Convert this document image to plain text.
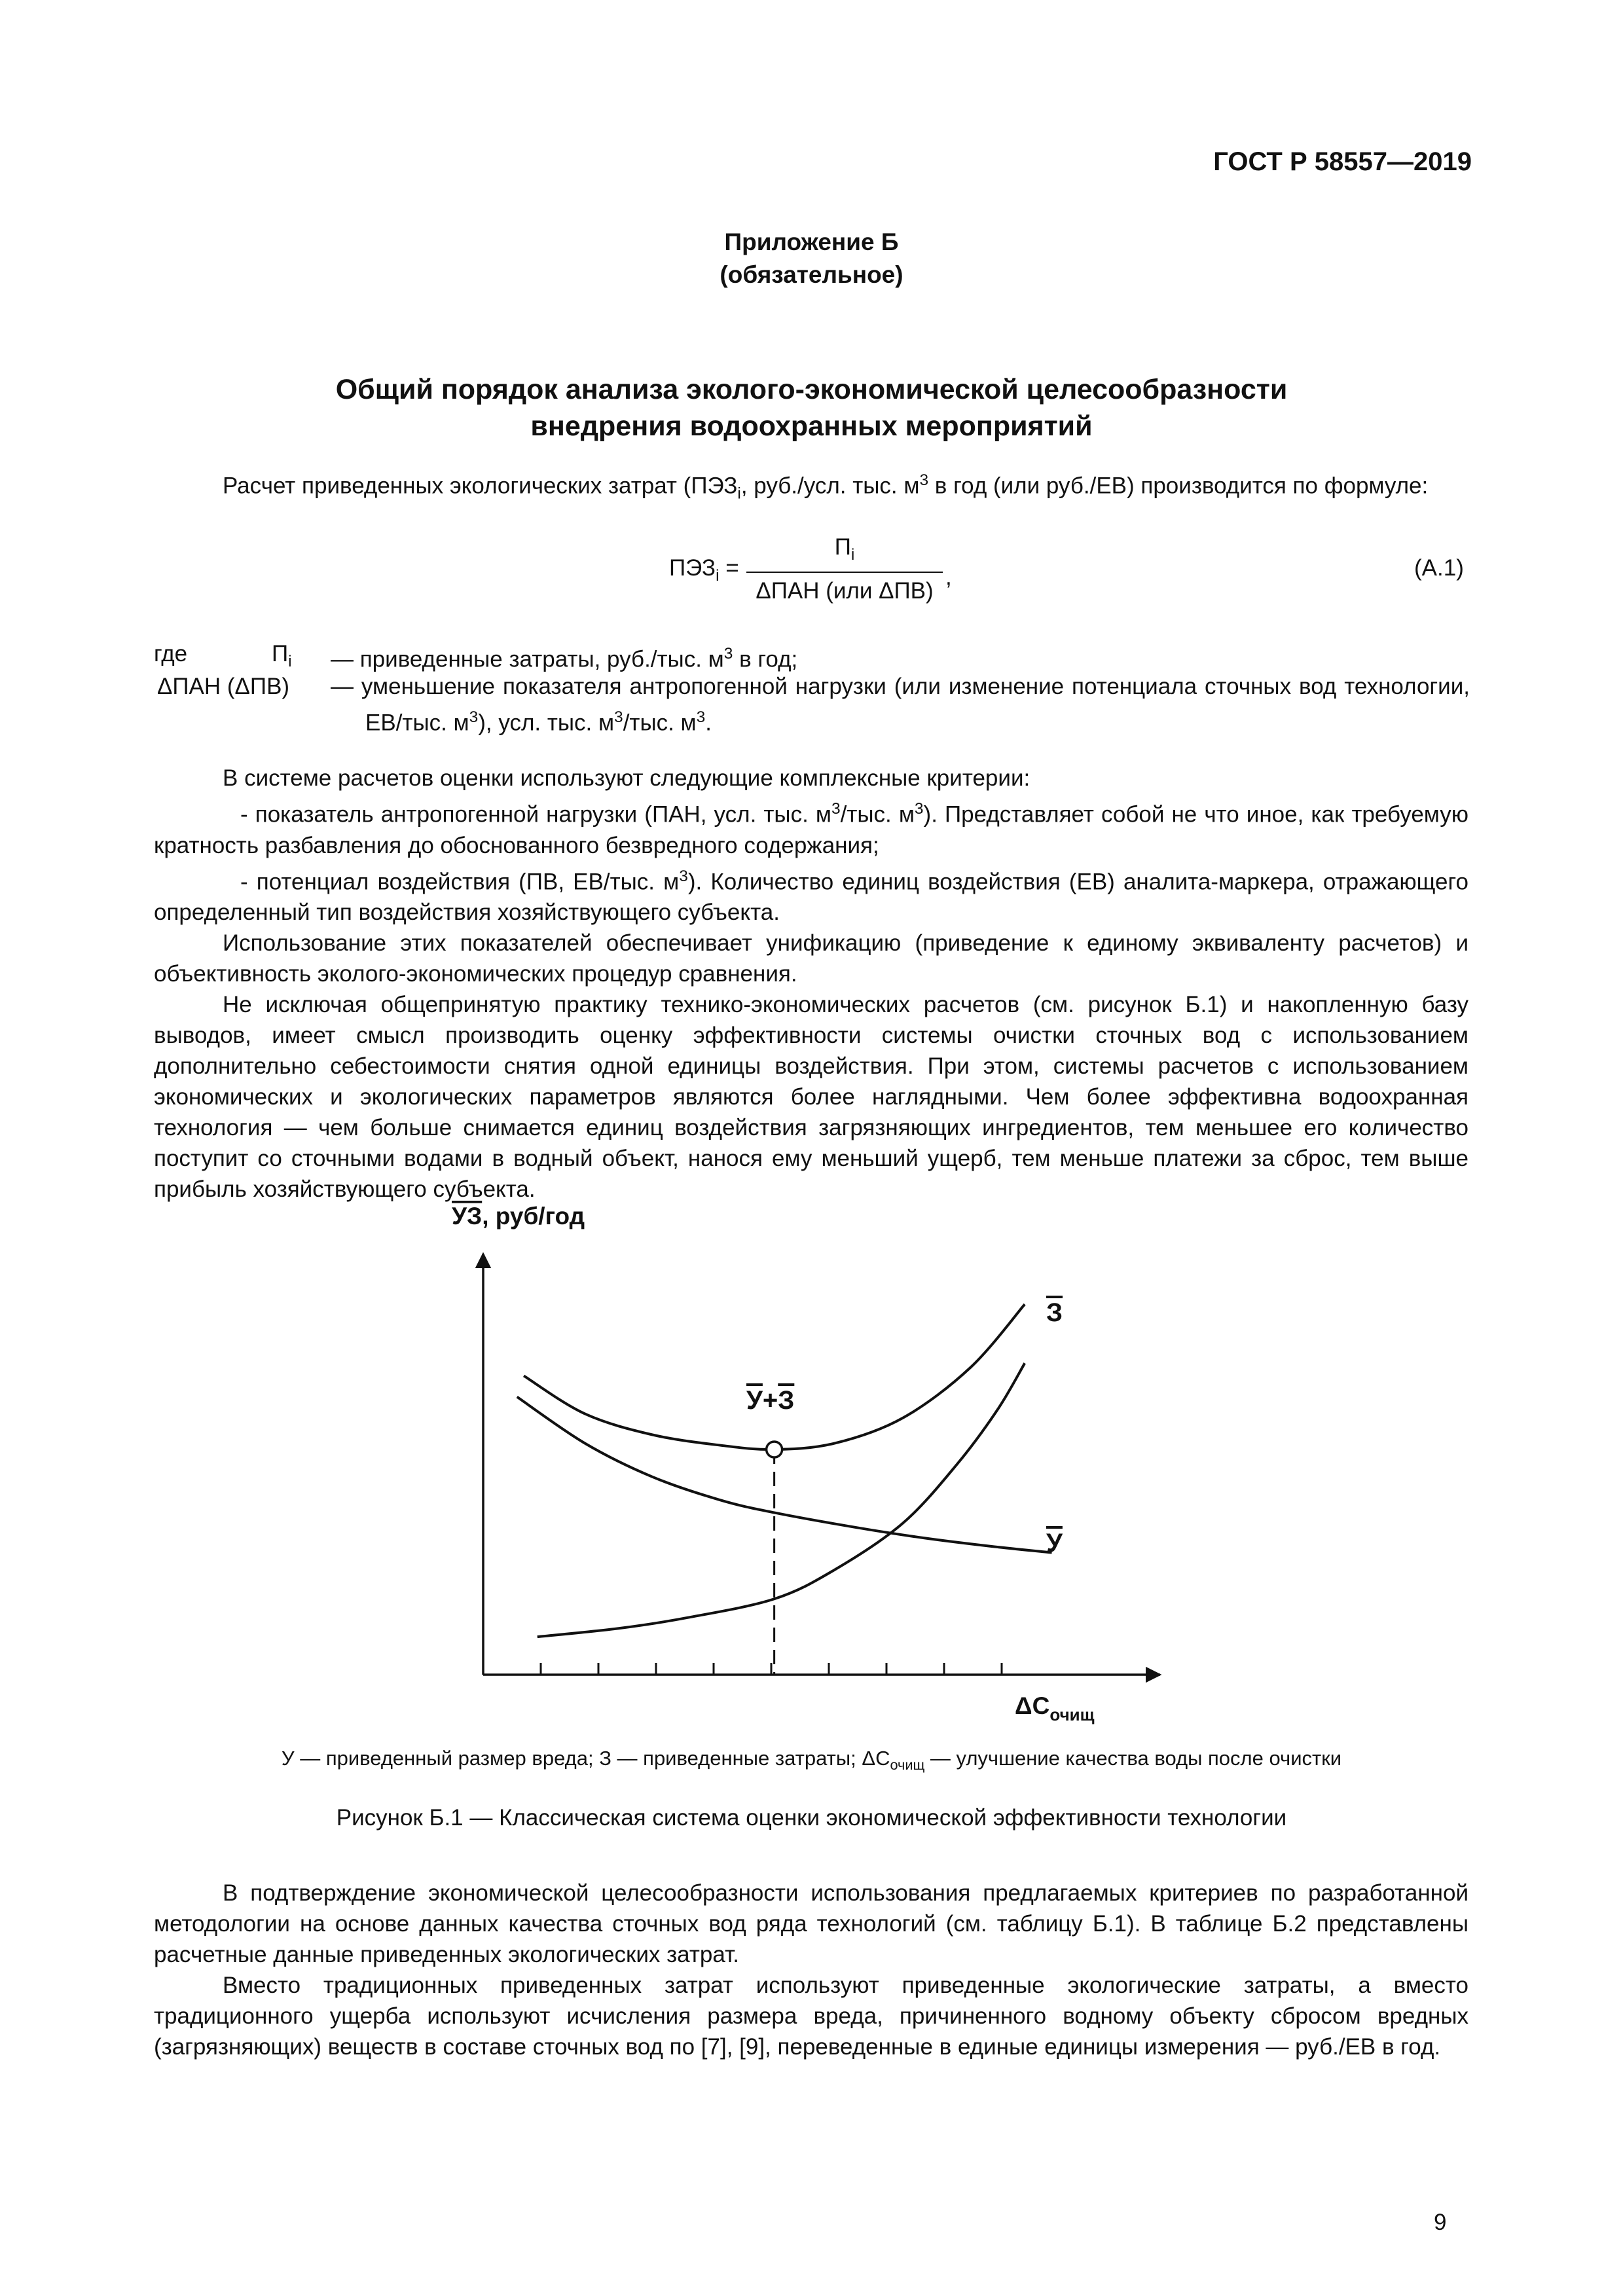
ГОСТ Р 58557—2019
Приложение Б
(обязательное)
Общий порядок анализа эколого-экономической целесообразности
внедрения водоохранных мероприятий

Расчет приведенных экологических затрат ($ПЭЗ_i$, руб./усл. тыс. $м^3$ в год (или руб./ЕВ) производится по формуле:

$ПЭЗ_i$ =
$П_i$
ΔПАН (или ΔПВ)
,	(А.1)
где	$П_i$ — приведенные затраты, руб./тыс. $м^3$ в год;
ΔПАН (ΔПВ) — уменьшение показателя антропогенной нагрузки (или изменение потенциала сточных вод технологии, ЕВ/тыс. $м^3$), усл. тыс. $м^3$/тыс. $м^3$.

В системе расчетов оценки используют следующие комплексные критерии:

- показатель антропогенной нагрузки (ПАН, усл. тыс. $м^3$/тыс. $м^3$). Представляет собой не что иное, как требуемую кратность разбавления до обоснованного безвредного содержания;

- потенциал воздействия (ПВ, ЕВ/тыс. $м^3$). Количество единиц воздействия (ЕВ) аналита-маркера, отражающего определенный тип воздействия хозяйствующего субъекта.

Использование этих показателей обеспечивает унификацию (приведение к единому эквиваленту расчетов) и объективность эколого-экономических процедур сравнения.

Не исключая общепринятую практику технико-экономических расчетов (см. рисунок Б.1) и накопленную базу выводов, имеет смысл производить оценку эффективности системы очистки сточных вод с использованием дополнительно себестоимости снятия одной единицы воздействия. При этом, системы расчетов с использованием экономических и экологических параметров являются более наглядными. Чем более эффективна водоохранная технология — чем больше снимается единиц воздействия загрязняющих ингредиентов, тем меньшее его количество поступит со сточными водами в водный объект, нанося ему меньший ущерб, тем меньше платежи за сброс, тем выше прибыль хозяйствующего субъекта.

УЗ, руб/год
$\Delta С_{очищ}$
У+З
З
У
У — приведенный размер вреда; З — приведенные затраты; $\Delta С_{очищ}$ — улучшение качества воды после очистки
Рисунок Б.1 — Классическая система оценки экономической эффективности технологии

В подтверждение экономической целесообразности использования предлагаемых критериев по разработанной методологии на основе данных качества сточных вод ряда технологий (см. таблицу Б.1). В таблице Б.2 представлены расчетные данные приведенных экологических затрат.

Вместо традиционных приведенных затрат используют приведенные экологические затраты, а вместо традиционного ущерба используют исчисления размера вреда, причиненного водному объекту сбросом вредных (загрязняющих) веществ в составе сточных вод по [7], [9], переведенные в единые единицы измерения — руб./ЕВ в год.

9
